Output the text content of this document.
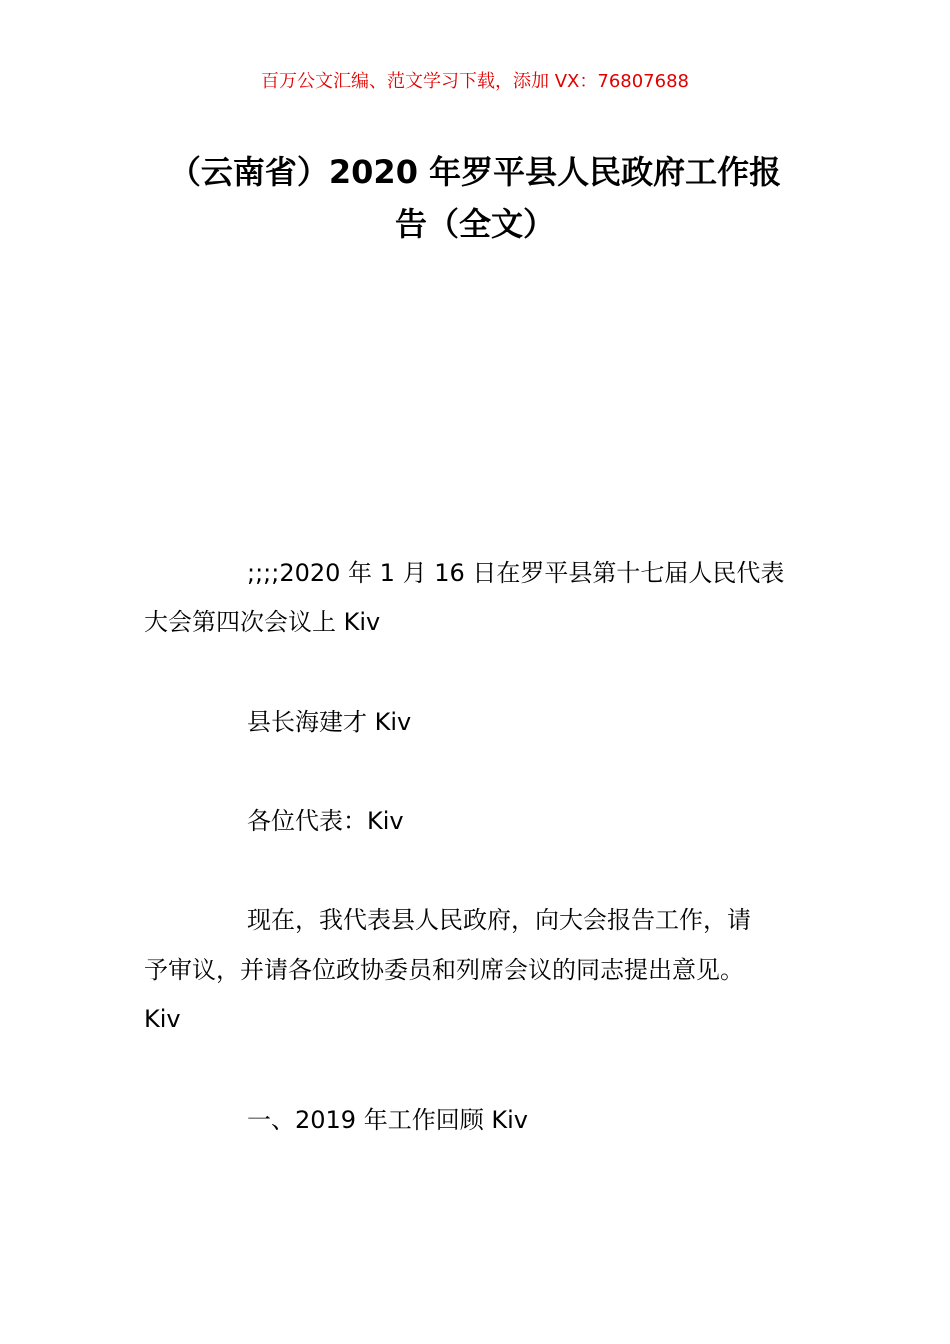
百万公文汇编、范文学习下载，添加 VX：76807688
（云南省）2020 年罗平县人民政府工作报
告（全文）

;;;;2020 年 1 月 16 日在罗平县第十七届人民代表

大会第四次会议上 Kiv

县长海建才 Kiv

各位代表：Kiv

现在，我代表县人民政府，向大会报告工作，请

予审议，并请各位政协委员和列席会议的同志提出意见。

Kiv

一、2019 年工作回顾 Kiv
